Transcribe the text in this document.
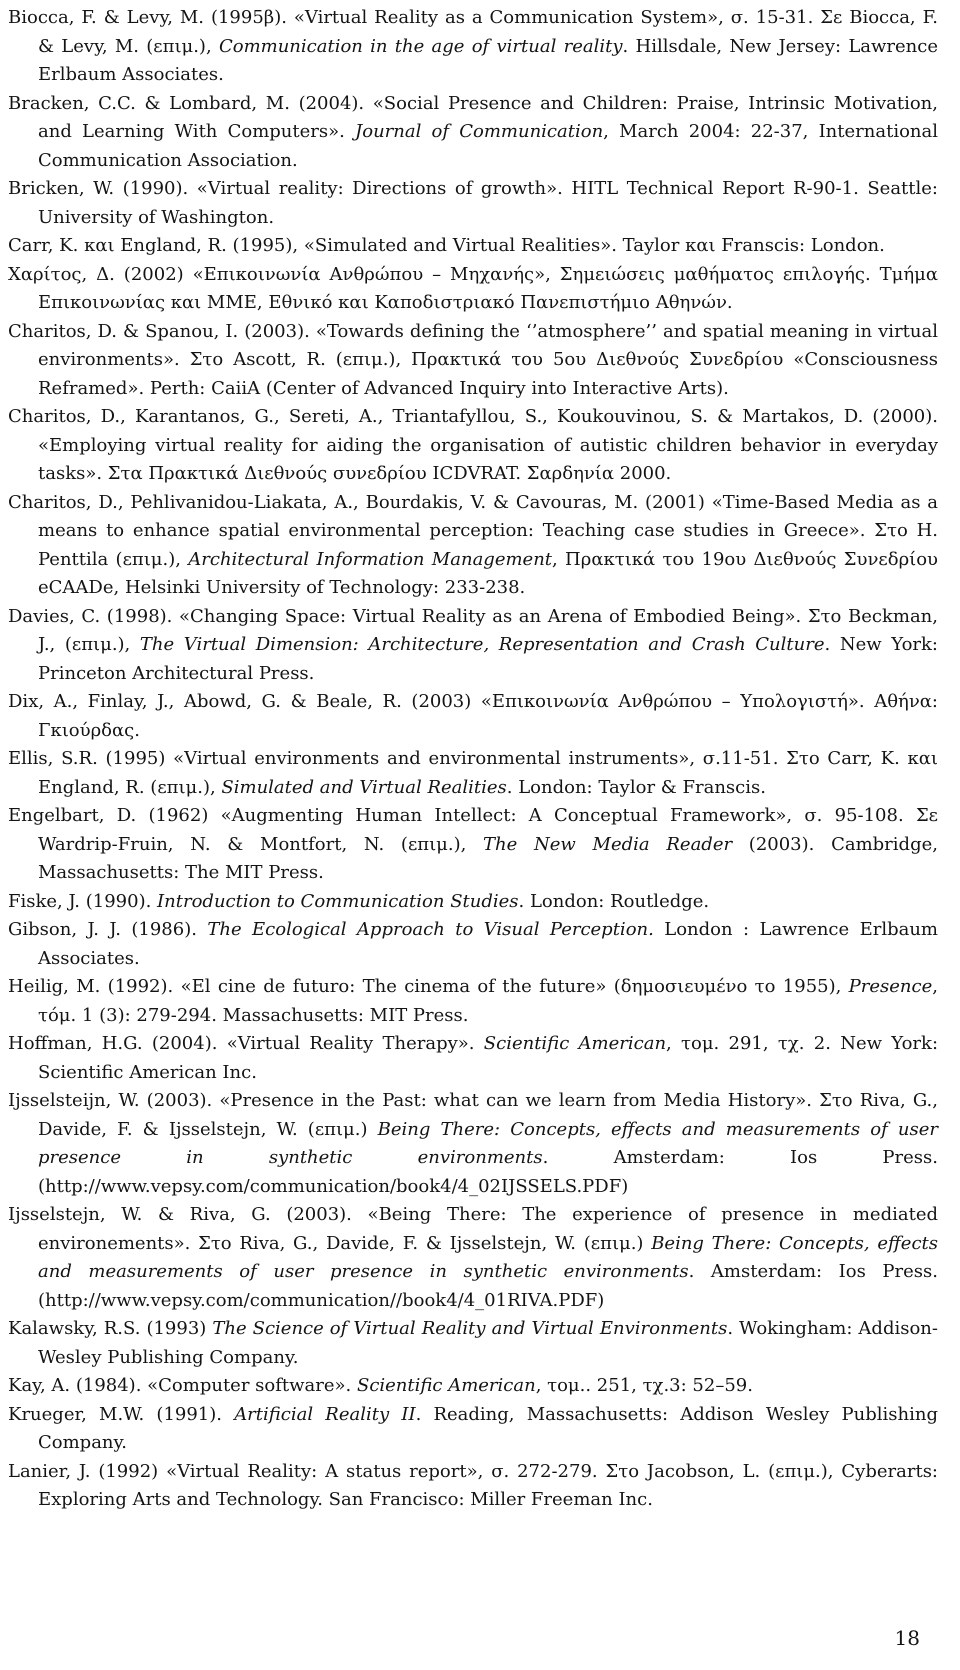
Biocca, F. & Levy, M. (1995β). «Virtual Reality as a Communication System», σ. 15-31. Σε Biocca, F. & Levy, M. (επιμ.), Communication in the age of virtual reality. Hillsdale, New Jersey: Lawrence Erlbaum Associates.

Bracken, C.C. & Lombard, M. (2004). «Social Presence and Children: Praise, Intrinsic Motivation, and Learning With Computers». Journal of Communication, March 2004: 22-37, International Communication Association.

Bricken, W. (1990). «Virtual reality: Directions of growth». HITL Technical Report R-90-1. Seattle: University of Washington.

Carr, K. και England, R. (1995), «Simulated and Virtual Realities». Taylor και Franscis: London.

Χαρίτος, Δ. (2002) «Επικοινωνία Ανθρώπου – Μηχανής», Σημειώσεις μαθήματος επιλογής. Τμήμα Επικοινωνίας και ΜΜΕ, Εθνικό και Καποδιστριακό Πανεπιστήμιο Αθηνών.

Charitos, D. & Spanou, I. (2003). «Towards defining the ‘’atmosphere’’ and spatial meaning in virtual environments». Στο Ascott, R. (επιμ.), Πρακτικά του 5ου Διεθνούς Συνεδρίου «Consciousness Reframed». Perth: CaiiA (Center of Advanced Inquiry into Interactive Arts).

Charitos, D., Karantanos, G., Sereti, A., Triantafyllou, S., Koukouvinou, S. & Martakos, D. (2000). «Employing virtual reality for aiding the organisation of autistic children behavior in everyday tasks». Στα Πρακτικά Διεθνούς συνεδρίου ICDVRAT. Σαρδηνία 2000.

Charitos, D., Pehlivanidou-Liakata, A., Bourdakis, V. & Cavouras, M. (2001) «Time-Based Media as a means to enhance spatial environmental perception: Teaching case studies in Greece». Στο Η. Penttila (επιμ.), Architectural Information Management, Πρακτικά του 19ου Διεθνούς Συνεδρίου eCAADe, Helsinki University of Technology: 233-238.

Davies, C. (1998). «Changing Space: Virtual Reality as an Arena of Embodied Being». Στο Beckman, J., (επιμ.), The Virtual Dimension: Architecture, Representation and Crash Culture. New York: Princeton Architectural Press.

Dix, A., Finlay, J., Abowd, G. & Beale, R. (2003) «Επικοινωνία Ανθρώπου – Υπολογιστή». Αθήνα: Γκιούρδας.

Ellis, S.R. (1995) «Virtual environments and environmental instruments», σ.11-51. Στο Carr, K. και England, R. (επιμ.), Simulated and Virtual Realities. London: Taylor & Franscis.

Engelbart, D. (1962) «Augmenting Human Intellect: A Conceptual Framework», σ. 95-108. Σε Wardrip-Fruin, N. & Montfort, N. (επιμ.), The New Media Reader (2003). Cambridge, Massachusetts: The MIT Press.

Fiske, J. (1990). Introduction to Communication Studies. London: Routledge.

Gibson, J. J. (1986). The Ecological Approach to Visual Perception. London : Lawrence Erlbaum Associates.

Heilig, M. (1992). «El cine de futuro: The cinema of the future» (δημοσιευμένο το 1955), Presence, τόμ. 1 (3): 279-294. Massachusetts: MIT Press.

Hoffman, H.G. (2004). «Virtual Reality Therapy». Scientific American, τομ. 291, τχ. 2. New York: Scientific American Inc.

Ijsselsteijn, W. (2003). «Presence in the Past: what can we learn from Media History». Στο Riva, G., Davide, F. & Ijsselstejn, W. (επιμ.) Being There: Concepts, effects and measurements of user presence in synthetic environments. Amsterdam: Ios Press. (http://www.vepsy.com/communication/book4/4_02IJSSELS.PDF)

Ijsselstejn, W. & Riva, G. (2003). «Being There: The experience of presence in mediated environements». Στο Riva, G., Davide, F. & Ijsselstejn, W. (επιμ.) Being There: Concepts, effects and measurements of user presence in synthetic environments. Amsterdam: Ios Press. (http://www.vepsy.com/communication//book4/4_01RIVA.PDF)

Kalawsky, R.S. (1993) The Science of Virtual Reality and Virtual Environments. Wokingham: Addison-Wesley Publishing Company.

Kay, A. (1984). «Computer software». Scientific American, τομ.. 251, τχ.3: 52–59.

Krueger, M.W. (1991). Artificial Reality II. Reading, Massachusetts: Addison Wesley Publishing Company.

Lanier, J. (1992) «Virtual Reality: A status report», σ. 272-279. Στο Jacobson, L. (επιμ.), Cyberarts: Exploring Arts and Technology. San Francisco: Miller Freeman Inc.

18
